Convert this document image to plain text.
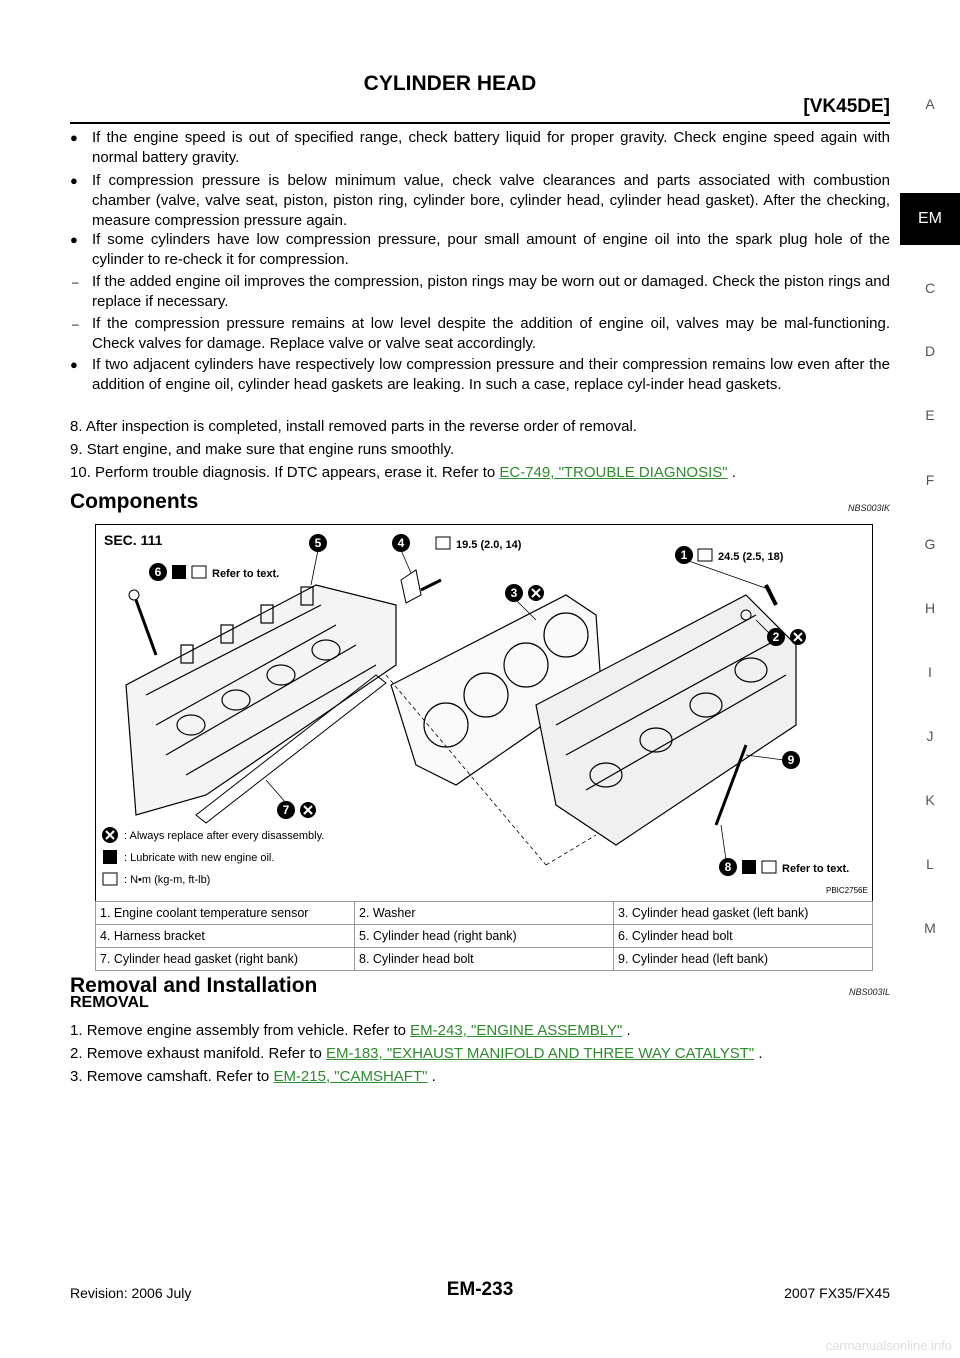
CYLINDER HEAD
[VK45DE]	A
EM
C
D
E
F
G
H
I
J
K
L
M
● If the engine speed is out of specified range, check battery liquid for proper gravity. Check engine speed again with normal battery gravity.
● If compression pressure is below minimum value, check valve clearances and parts associated with combustion chamber (valve, valve seat, piston, piston ring, cylinder bore, cylinder head, cylinder head gasket). After the checking, measure compression pressure again.
● If some cylinders have low compression pressure, pour small amount of engine oil into the spark plug hole of the cylinder to re-check it for compression.
– If the added engine oil improves the compression, piston rings may be worn out or damaged. Check the piston rings and replace if necessary.
– If the compression pressure remains at low level despite the addition of engine oil, valves may be mal-functioning. Check valves for damage. Replace valve or valve seat accordingly.
● If two adjacent cylinders have respectively low compression pressure and their compression remains low even after the addition of engine oil, cylinder head gaskets are leaking. In such a case, replace cyl-inder head gaskets.
8. After inspection is completed, install removed parts in the reverse order of removal.
9. Start engine, and make sure that engine runs smoothly.
10. Perform trouble diagnosis. If DTC appears, erase it. Refer to EC-749, "TROUBLE DIAGNOSIS" .
Components	NBS003IK
SEC. 111	5	4
3
1
2
9
8
7
6
19.5 (2.0, 14)
24.5 (2.5, 18)
Refer to text.
Refer to text.
: Always replace after every disassembly.
: Lubricate with new engine oil.
: N•m (kg-m, ft-lb)
PBIC2756E
1. Engine coolant temperature sensor	2. Washer	3. Cylinder head gasket (left bank)
4. Harness bracket	5. Cylinder head (right bank)	6. Cylinder head bolt
7. Cylinder head gasket (right bank)	8. Cylinder head bolt	9. Cylinder head (left bank)
Removal and Installation	NBS003IL
REMOVAL
1. Remove engine assembly from vehicle. Refer to EM-243, "ENGINE ASSEMBLY" .
2. Remove exhaust manifold. Refer to EM-183, "EXHAUST MANIFOLD AND THREE WAY CATALYST" .
3. Remove camshaft. Refer to EM-215, "CAMSHAFT" .
Revision: 2006 July	EM-233	2007 FX35/FX45
carmanualsonline.info
